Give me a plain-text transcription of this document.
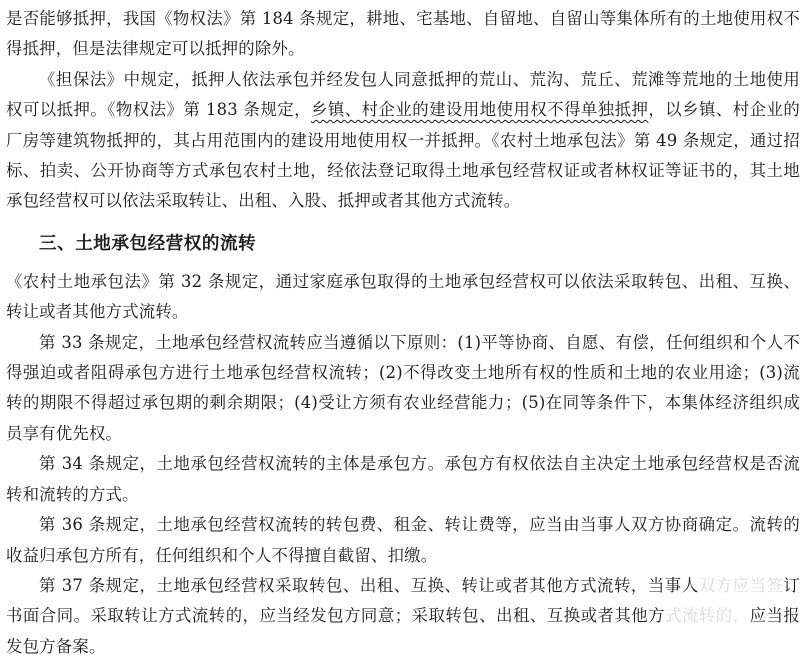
是否能够抵押，我国《物权法》第 184 条规定，耕地、宅基地、自留地、自留山等集体所有的土地使用权不得抵押，但是法律规定可以抵押的除外。

《担保法》中规定，抵押人依法承包并经发包人同意抵押的荒山、荒沟、荒丘、荒滩等荒地的土地使用权可以抵押。《物权法》第 183 条规定，乡镇、村企业的建设用地使用权不得单独抵押，以乡镇、村企业的厂房等建筑物抵押的，其占用范围内的建设用地使用权一并抵押。《农村土地承包法》第 49 条规定，通过招标、拍卖、公开协商等方式承包农村土地，经依法登记取得土地承包经营权证或者林权证等证书的，其土地承包经营权可以依法采取转让、出租、入股、抵押或者其他方式流转。

三、土地承包经营权的流转

《农村土地承包法》第 32 条规定，通过家庭承包取得的土地承包经营权可以依法采取转包、出租、互换、转让或者其他方式流转。

第 33 条规定，土地承包经营权流转应当遵循以下原则：(1)平等协商、自愿、有偿，任何组织和个人不得强迫或者阻碍承包方进行土地承包经营权流转；(2)不得改变土地所有权的性质和土地的农业用途；(3)流转的期限不得超过承包期的剩余期限；(4)受让方须有农业经营能力；(5)在同等条件下，本集体经济组织成员享有优先权。

第 34 条规定，土地承包经营权流转的主体是承包方。承包方有权依法自主决定土地承包经营权是否流转和流转的方式。

第 36 条规定，土地承包经营权流转的转包费、租金、转让费等，应当由当事人双方协商确定。流转的收益归承包方所有，任何组织和个人不得擅自截留、扣缴。

第 37 条规定，土地承包经营权采取转包、出租、互换、转让或者其他方式流转，当事人双方应当签订书面合同。采取转让方式流转的，应当经发包方同意；采取转包、出租、互换或者其他方式流转的，应当报发包方备案。
